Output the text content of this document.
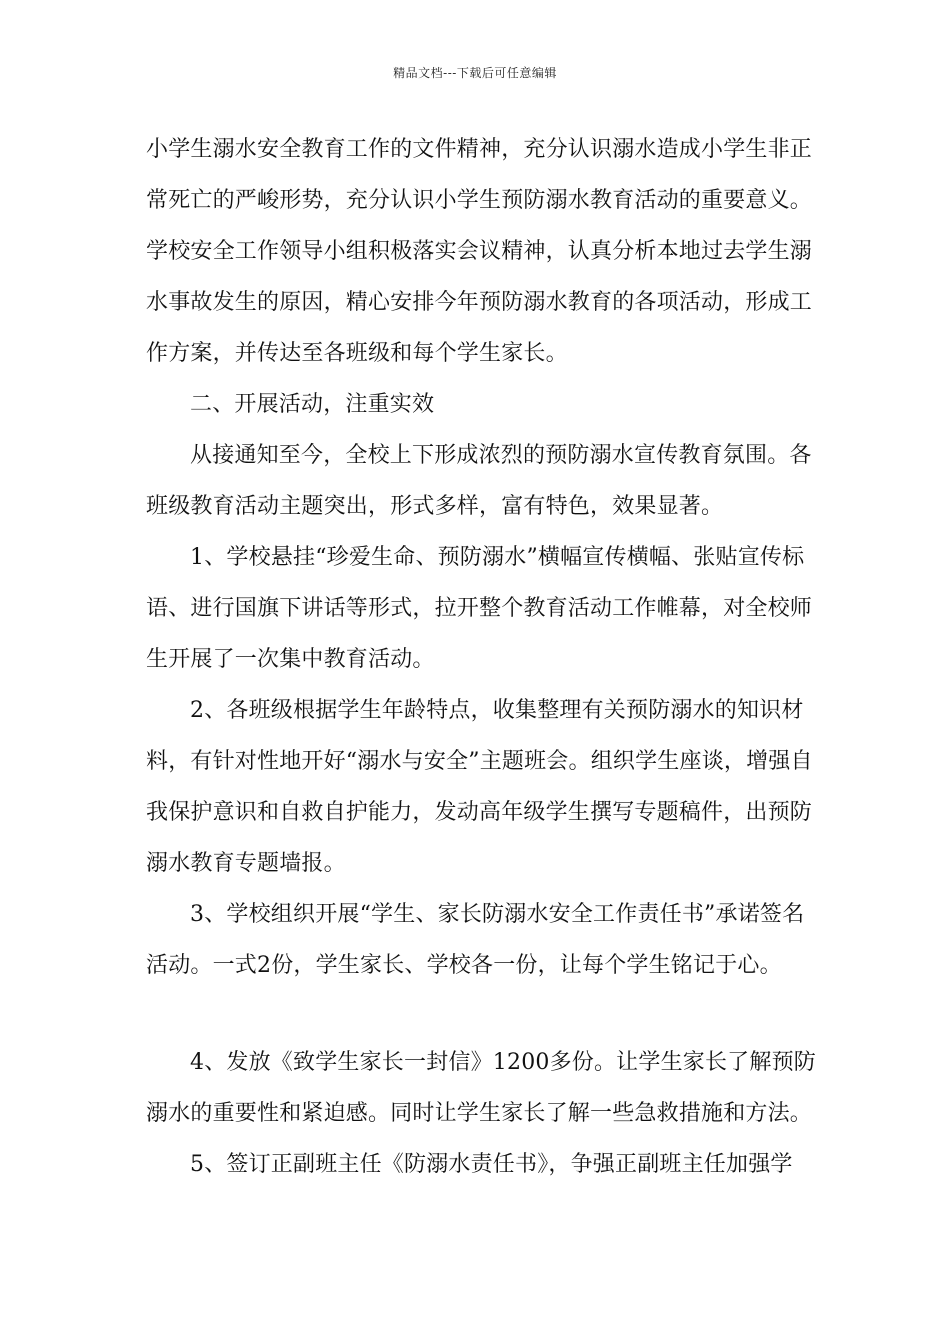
精品文档---下载后可任意编辑

小学生溺水安全教育工作的文件精神，充分认识溺水造成小学生非正常死亡的严峻形势，充分认识小学生预防溺水教育活动的重要意义。学校安全工作领导小组积极落实会议精神，认真分析本地过去学生溺水事故发生的原因，精心安排今年预防溺水教育的各项活动，形成工作方案，并传达至各班级和每个学生家长。

二、开展活动，注重实效

从接通知至今，全校上下形成浓烈的预防溺水宣传教育氛围。各班级教育活动主题突出，形式多样，富有特色，效果显著。

1、学校悬挂“珍爱生命、预防溺水”横幅宣传横幅、张贴宣传标语、进行国旗下讲话等形式，拉开整个教育活动工作帷幕，对全校师生开展了一次集中教育活动。

2、各班级根据学生年龄特点，收集整理有关预防溺水的知识材料，有针对性地开好“溺水与安全”主题班会。组织学生座谈，增强自我保护意识和自救自护能力，发动高年级学生撰写专题稿件，出预防溺水教育专题墙报。

3、学校组织开展“学生、家长防溺水安全工作责任书”承诺签名活动。一式2份，学生家长、学校各一份，让每个学生铭记于心。

4、发放《致学生家长一封信》1200多份。让学生家长了解预防溺水的重要性和紧迫感。同时让学生家长了解一些急救措施和方法。

5、签订正副班主任《防溺水责任书》，争强正副班主任加强学
